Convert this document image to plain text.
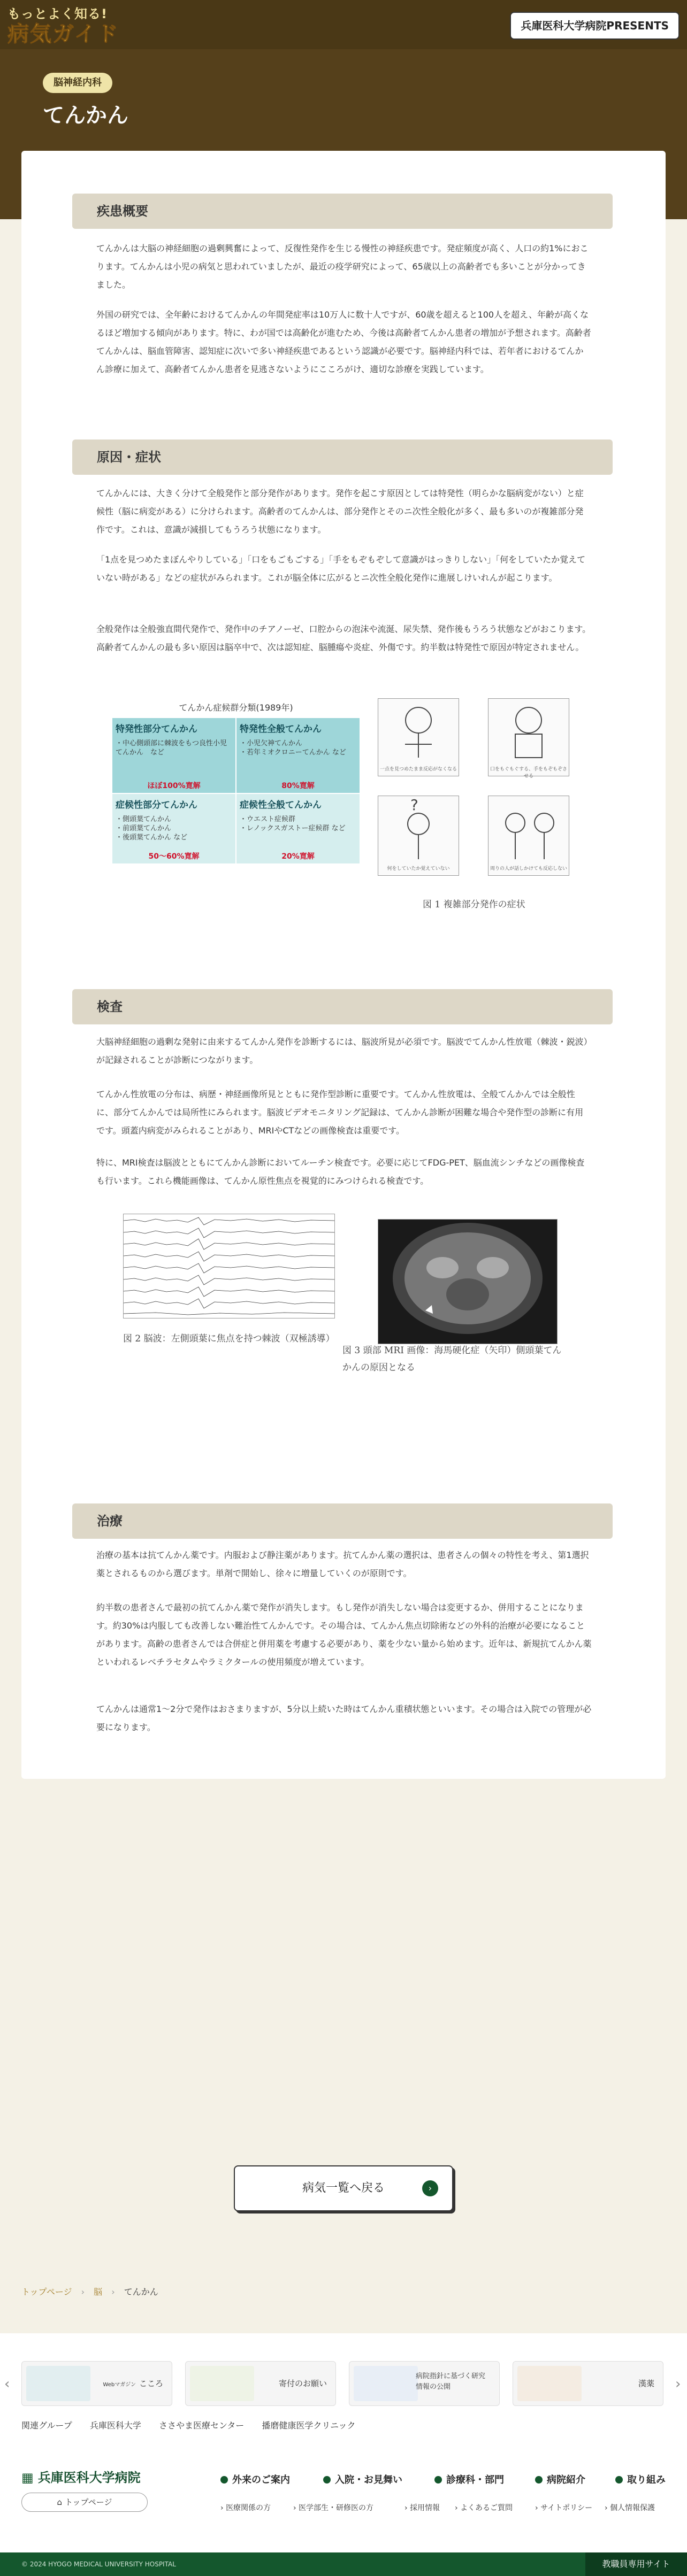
もっとよく知る!
病気ガイド	兵庫医科大学病院PRESENTS
脳神経内科
てんかん
疾患概要
てんかんは大脳の神経細胞の過剰興奮によって、反復性発作を生じる慢性の神経疾患です。発症頻度が高く、人口の約1%におこります。てんかんは小児の病気と思われていましたが、最近の疫学研究によって、65歳以上の高齢者でも多いことが分かってきました。
外国の研究では、全年齢におけるてんかんの年間発症率は10万人に数十人ですが、60歳を超えると100人を超え、年齢が高くなるほど増加する傾向があります。特に、わが国では高齢化が進むため、今後は高齢者てんかん患者の増加が予想されます。高齢者てんかんは、脳血管障害、認知症に次いで多い神経疾患であるという認識が必要です。脳神経内科では、若年者におけるてんかん診療に加えて、高齢者てんかん患者を見逃さないようにこころがけ、適切な診療を実践しています。
原因・症状
てんかんには、大きく分けて全般発作と部分発作があります。発作を起こす原因としては特発性（明らかな脳病変がない）と症候性（脳に病変がある）に分けられます。高齢者のてんかんは、部分発作とそのニ次性全般化が多く、最も多いのが複雑部分発作です。これは、意識が減損してもうろう状態になります。
「1点を見つめたまぼんやりしている」「口をもごもごする」「手をもぞもぞして意識がはっきりしない」「何をしていたか覚えていない時がある」などの症状がみられます。これが脳全体に広がるとニ次性全般化発作に進展しけいれんが起こります。
全般発作は全般強直間代発作で、発作中のチアノーゼ、口腔からの泡沫や流涎、尿失禁、発作後もうろう状態などがおこります。高齢者てんかんの最も多い原因は脳卒中で、次は認知症、脳腫瘍や炎症、外傷です。約半数は特発性で原因が特定されません。
てんかん症候群分類(1989年)
特発性部分てんかん
・中心側頭部に棘波をもつ良性小児てんかん　など
ほぼ100%寛解
特発性全般てんかん
・小児欠神てんかん
・若年ミオクロニーてんかん など
80%寛解
症候性部分てんかん
・側頭葉てんかん
・前頭葉てんかん
・後頭葉てんかん など
50〜60%寛解
症候性全般てんかん
・ウエスト症候群
・レノックスガストー症候群 など
20%寛解
一点を見つめたまま反応がなくなる	口をもぐもぐする、手をもぞもぞさせる
?
何をしていたか覚えていない	周りの人が話しかけても反応しない
図 1 複雑部分発作の症状
検査
大脳神経細胞の過剰な発射に由来するてんかん発作を診断するには、脳波所見が必須です。脳波でてんかん性放電（棘波・鋭波）が記録されることが診断につながります。
てんかん性放電の分布は、病歴・神経画像所見とともに発作型診断に重要です。てんかん性放電は、全般てんかんでは全般性に、部分てんかんでは局所性にみられます。脳波ビデオモニタリング記録は、てんかん診断が困難な場合や発作型の診断に有用です。頭蓋内病変がみられることがあり、MRIやCTなどの画像検査は重要です。
特に、MRI検査は脳波とともにてんかん診断においてルーチン検査です。必要に応じてFDG-PET、脳血流シンチなどの画像検査も行います。これら機能画像は、てんかん原性焦点を視覚的にみつけられる検査です。
図 2 脳波：左側頭葉に焦点を持つ棘波（双極誘導）
図 3 頭部 MRI 画像：海馬硬化症（矢印）側頭葉てんかんの原因となる
治療
治療の基本は抗てんかん薬です。内服および静注薬があります。抗てんかん薬の選択は、患者さんの個々の特性を考え、第1選択薬とされるものから選びます。単剤で開始し、徐々に増量していくのが原則です。
約半数の患者さんで最初の抗てんかん薬で発作が消失します。もし発作が消失しない場合は変更するか、併用することになります。約30%は内服しても改善しない難治性てんかんです。その場合は、てんかん焦点切除術などの外科的治療が必要になることがあります。高齢の患者さんでは合併症と併用薬を考慮する必要があり、薬を少ない量から始めます。近年は、新規抗てんかん薬といわれるレベチラセタムやラミクタールの使用頻度が増えています。
てんかんは通常1〜2分で発作はおさまりますが、5分以上続いた時はてんかん重積状態といいます。その場合は入院での管理が必要になります。
病気一覧へ戻る	›
トップページ › 脳 › てんかん
‹	›
Webマガジン こころ	寄付のお願い
病院指針に基づく研究情報の公開	漢薬
関連グループ 兵庫医科大学 ささやま医療センター 播磨健康医学クリニック
▦ 兵庫医科大学病院
⌂ トップページ
外来のご案内	入院・お見舞い	診療科・部門	病院紹介	取り組み
› 医療関係の方	› 医学部生・研修医の方	› 採用情報 › よくあるご質問	› サイトポリシー › 個人情報保護
© 2024 HYOGO MEDICAL UNIVERSITY HOSPITAL	教職員専用サイト
